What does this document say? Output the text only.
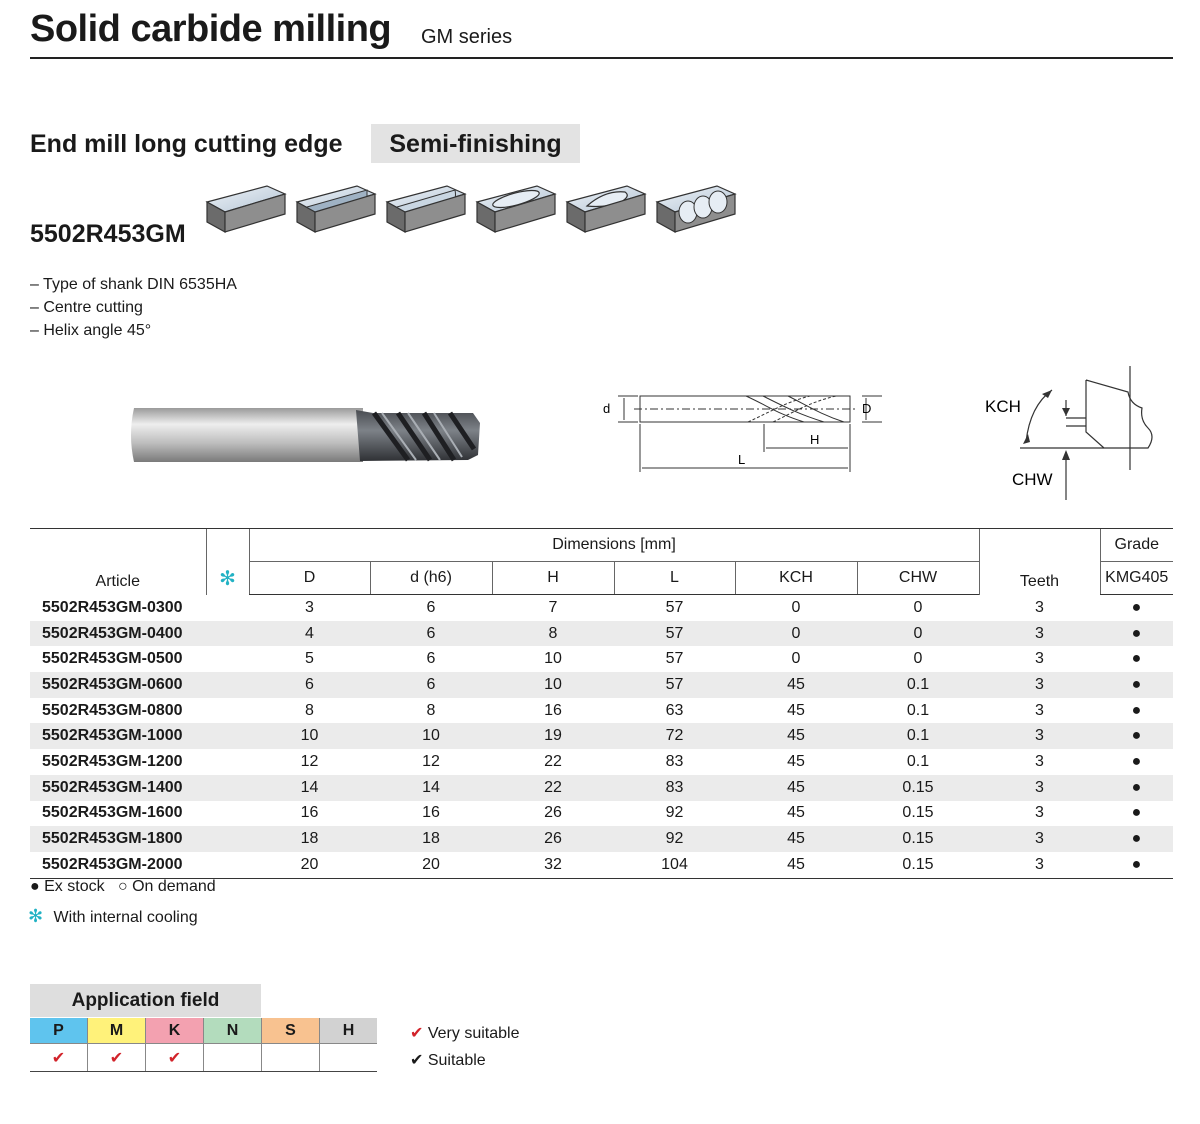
Solid carbide milling GM series
End mill long cutting edge	Semi-finishing
5502R453GM
– Type of shank DIN 6535HA
– Centre cutting
– Helix angle 45°
d	D
H
L
KCH
CHW
Article	✻	Dimensions [mm]						Teeth	Grade
		D	d (h6)	H	L	KCH	CHW		KMG405
5502R453GM-0300		3	6	7	57	0	0	3	●
5502R453GM-0400		4	6	8	57	0	0	3	●
5502R453GM-0500		5	6	10	57	0	0	3	●
5502R453GM-0600		6	6	10	57	45	0.1	3	●
5502R453GM-0800		8	8	16	63	45	0.1	3	●
5502R453GM-1000		10	10	19	72	45	0.1	3	●
5502R453GM-1200		12	12	22	83	45	0.1	3	●
5502R453GM-1400		14	14	22	83	45	0.15	3	●
5502R453GM-1600		16	16	26	92	45	0.15	3	●
5502R453GM-1800		18	18	26	92	45	0.15	3	●
5502R453GM-2000		20	20	32	104	45	0.15	3	●
● Ex stock ○ On demand
✻ With internal cooling
Application field
P	M	K	N	S	H
✔	✔	✔			
✔ Very suitable
✔ Suitable
